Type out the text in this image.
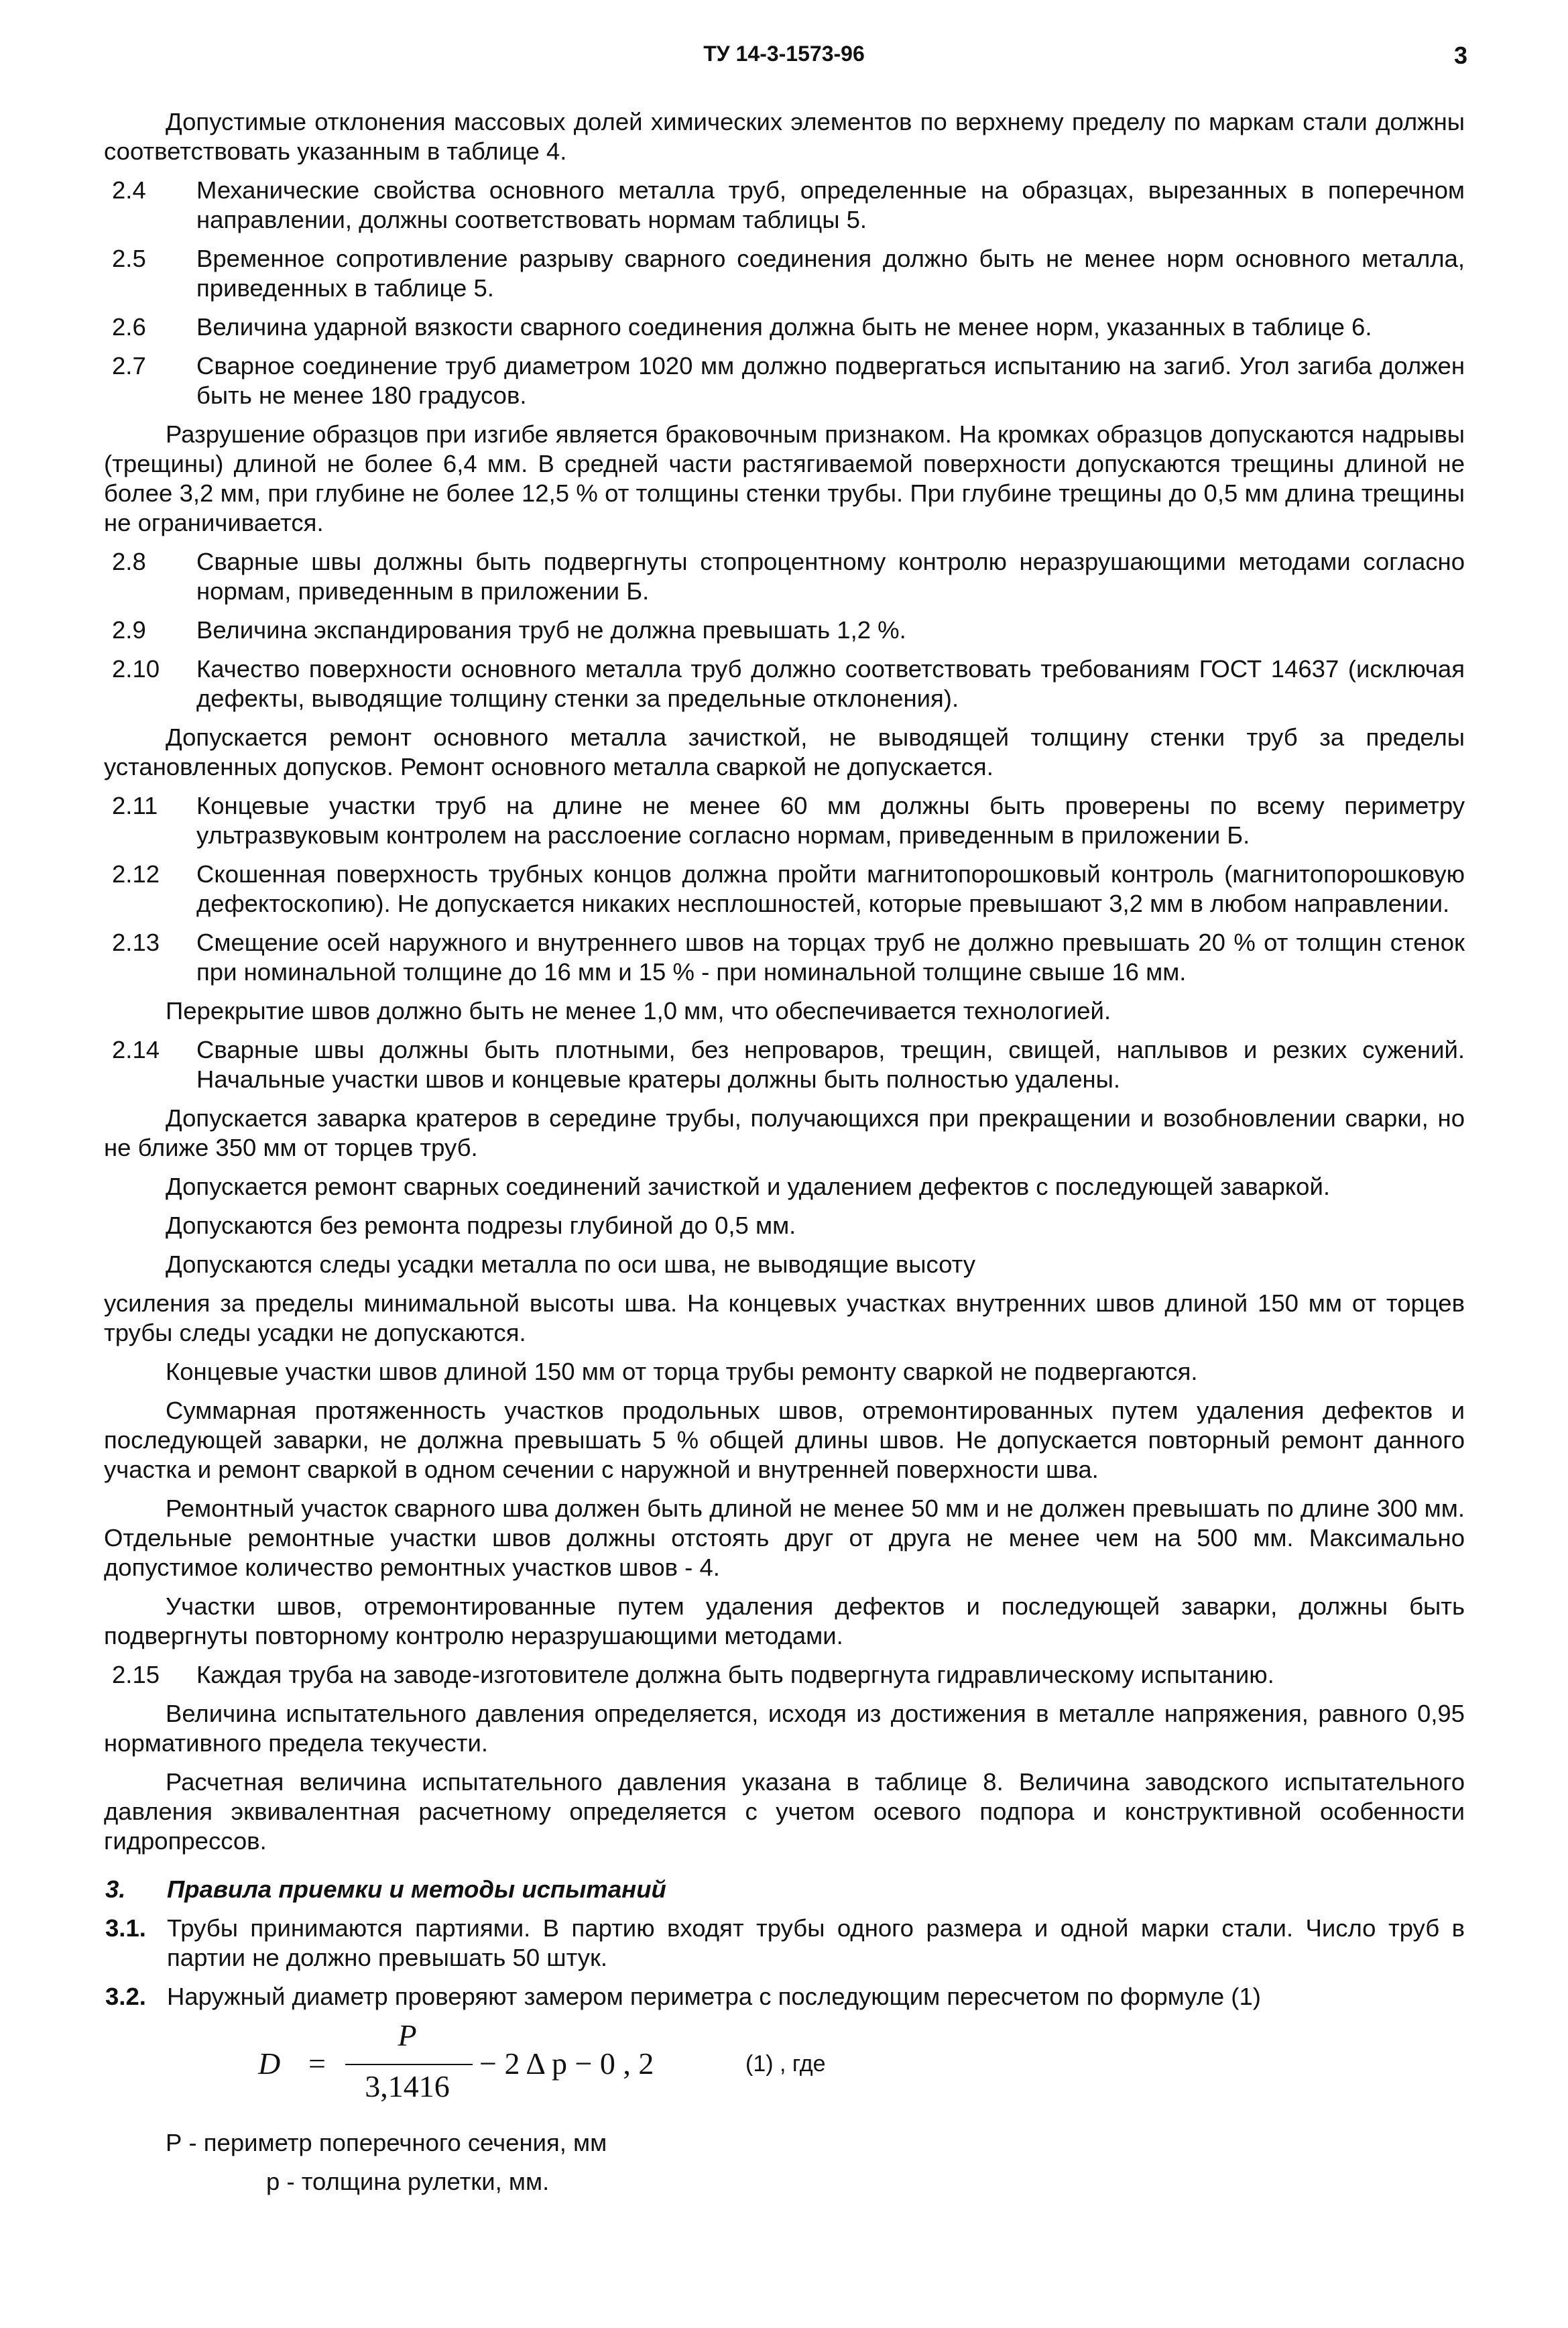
ТУ 14-3-1573-96	3
Допустимые отклонения массовых долей химических элементов по верхнему пределу по маркам стали должны соответствовать указанным в таблице 4.
2.4	Механические свойства основного металла труб, определенные на образцах, вырезанных в поперечном направлении, должны соответствовать нормам таблицы 5.
2.5	Временное сопротивление разрыву сварного соединения должно быть не менее норм основного металла, приведенных в таблице 5.
2.6	Величина ударной вязкости сварного соединения должна быть не менее норм, указанных в таблице 6.
2.7	Сварное соединение труб диаметром 1020 мм должно подвергаться испытанию на загиб. Угол загиба должен быть не менее 180 градусов.
Разрушение образцов при изгибе является браковочным признаком. На кромках образцов допускаются надрывы (трещины) длиной не более 6,4 мм. В средней части растягиваемой поверхности допускаются трещины длиной не более 3,2 мм, при глубине не более 12,5 % от толщины стенки трубы. При глубине трещины до 0,5 мм длина трещины не ограничивается.
2.8	Сварные швы должны быть подвергнуты стопроцентному контролю неразрушающими методами согласно нормам, приведенным в приложении Б.
2.9	Величина экспандирования труб не должна превышать 1,2 %.
2.10	Качество поверхности основного металла труб должно соответствовать требованиям ГОСТ 14637 (исключая дефекты, выводящие толщину стенки за предельные отклонения).
Допускается ремонт основного металла зачисткой, не выводящей толщину стенки труб за пределы установленных допусков. Ремонт основного металла сваркой не допускается.
2.11	Концевые участки труб на длине не менее 60 мм должны быть проверены по всему периметру ультразвуковым контролем на расслоение согласно нормам, приведенным в приложении Б.
2.12	Скошенная поверхность трубных концов должна пройти магнитопорошковый контроль (магнитопорошковую дефектоскопию). Не допускается никаких несплошностей, которые превышают 3,2 мм в любом направлении.
2.13	Смещение осей наружного и внутреннего швов на торцах труб не должно превышать 20 % от толщин стенок при номинальной толщине до 16 мм и 15 % - при номинальной толщине свыше 16 мм.
Перекрытие швов должно быть не менее 1,0 мм, что обеспечивается технологией.
2.14	Сварные швы должны быть плотными, без непроваров, трещин, свищей, наплывов и резких сужений. Начальные участки швов и концевые кратеры должны быть полностью удалены.
Допускается заварка кратеров в середине трубы, получающихся при прекращении и возобновлении сварки, но не ближе 350 мм от торцев труб.
Допускается ремонт сварных соединений зачисткой и удалением дефектов с последующей заваркой.
Допускаются без ремонта подрезы глубиной до 0,5 мм.
Допускаются следы усадки металла по оси шва, не выводящие высоту
усиления за пределы минимальной высоты шва. На концевых участках внутренних швов длиной 150 мм от торцев трубы следы усадки не допускаются.
Концевые участки швов длиной 150 мм от торца трубы ремонту сваркой не подвергаются.
Суммарная протяженность участков продольных швов, отремонтированных путем удаления дефектов и последующей заварки, не должна превышать 5 % общей длины швов. Не допускается повторный ремонт данного участка и ремонт сваркой в одном сечении с наружной и внутренней поверхности шва.
Ремонтный участок сварного шва должен быть длиной не менее 50 мм и не должен превышать по длине 300 мм. Отдельные ремонтные участки швов должны отстоять друг от друга не менее чем на 500 мм. Максимально допустимое количество ремонтных участков швов - 4.
Участки швов, отремонтированные путем удаления дефектов и последующей заварки, должны быть подвергнуты повторному контролю неразрушающими методами.
2.15	Каждая труба на заводе-изготовителе должна быть подвергнута гидравлическому испытанию.
Величина испытательного давления определяется, исходя из достижения в металле напряжения, равного 0,95 нормативного предела текучести.
Расчетная величина испытательного давления указана в таблице 8. Величина заводского испытательного давления эквивалентная расчетному определяется с учетом осевого подпора и конструктивной особенности гидропрессов.
3.	Правила приемки и методы испытаний
3.1. Трубы принимаются партиями. В партию входят трубы одного размера и одной марки стали. Число труб в партии не должно превышать 50 штук.
3.2. Наружный диаметр проверяют замером периметра с последующим пересчетом по формуле (1)
D =
P
3,1416
− 2 Δ p − 0 , 2	(1) , где
Р - периметр поперечного сечения, мм
р - толщина рулетки, мм.
